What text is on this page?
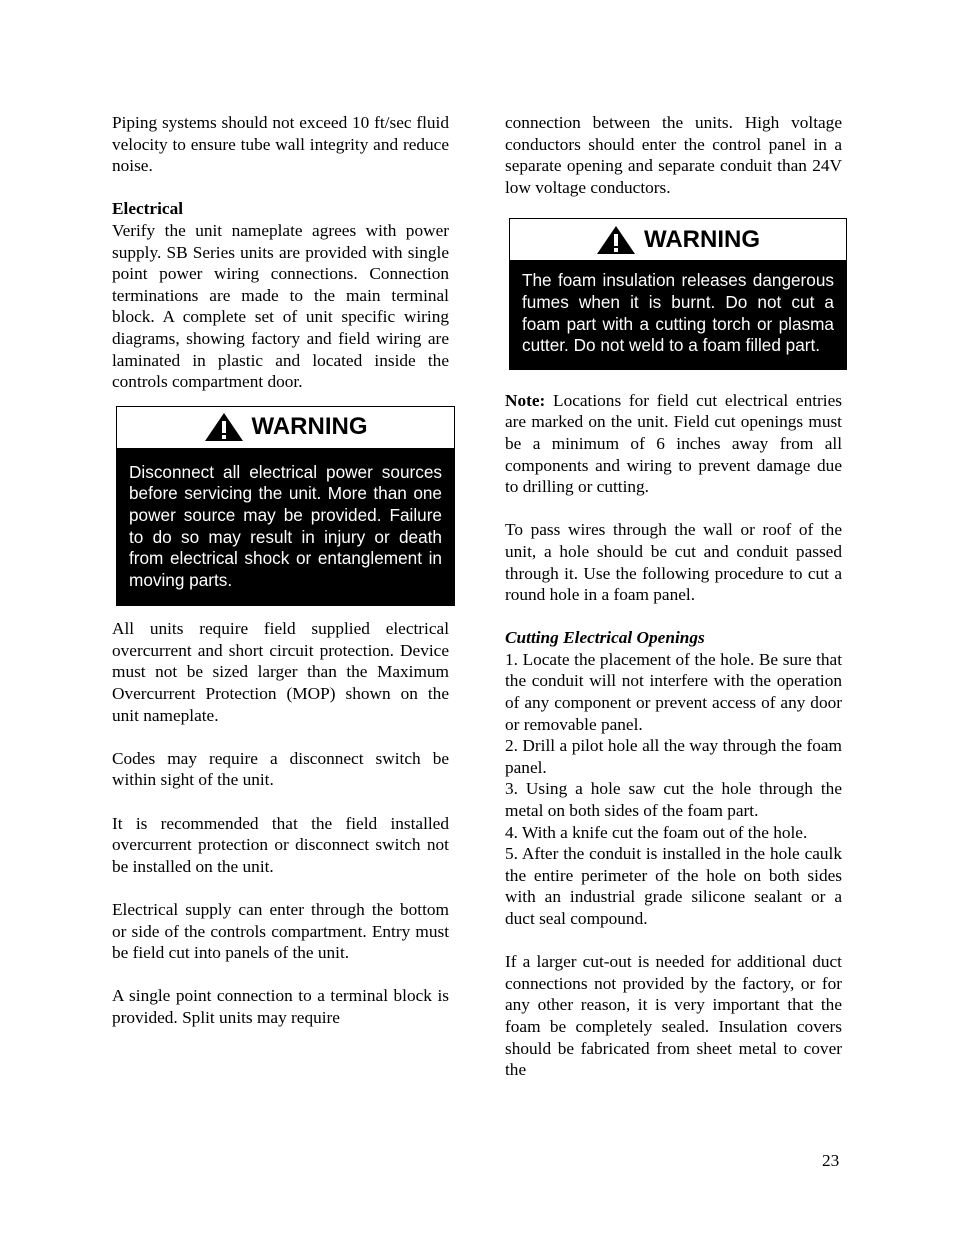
Piping systems should not exceed 10 ft/sec fluid velocity to ensure tube wall integrity and reduce noise.

Electrical

Verify the unit nameplate agrees with power supply. SB Series units are provided with single point power wiring connections. Connection terminations are made to the main terminal block. A complete set of unit specific wiring diagrams, showing factory and field wiring are laminated in plastic and located inside the controls compartment door.

WARNING
Disconnect all electrical power sources before servicing the unit. More than one power source may be provided. Failure to do so may result in injury or death from electrical shock or entanglement in moving parts.

All units require field supplied electrical overcurrent and short circuit protection. Device must not be sized larger than the Maximum Overcurrent Protection (MOP) shown on the unit nameplate.

Codes may require a disconnect switch be within sight of the unit.

It is recommended that the field installed overcurrent protection or disconnect switch not be installed on the unit.

Electrical supply can enter through the bottom or side of the controls compartment. Entry must be field cut into panels of the unit.

A single point connection to a terminal block is provided. Split units may require

connection between the units. High voltage conductors should enter the control panel in a separate opening and separate conduit than 24V low voltage conductors.

WARNING
The foam insulation releases dangerous fumes when it is burnt. Do not cut a foam part with a cutting torch or plasma cutter. Do not weld to a foam filled part.

Note: Locations for field cut electrical entries are marked on the unit. Field cut openings must be a minimum of 6 inches away from all components and wiring to prevent damage due to drilling or cutting.

To pass wires through the wall or roof of the unit, a hole should be cut and conduit passed through it. Use the following procedure to cut a round hole in a foam panel.

Cutting Electrical Openings

1. Locate the placement of the hole. Be sure that the conduit will not interfere with the operation of any component or prevent access of any door or removable panel.

2. Drill a pilot hole all the way through the foam panel.

3. Using a hole saw cut the hole through the metal on both sides of the foam part.

4. With a knife cut the foam out of the hole.

5. After the conduit is installed in the hole caulk the entire perimeter of the hole on both sides with an industrial grade silicone sealant or a duct seal compound.

If a larger cut-out is needed for additional duct connections not provided by the factory, or for any other reason, it is very important that the foam be completely sealed. Insulation covers should be fabricated from sheet metal to cover the

23
